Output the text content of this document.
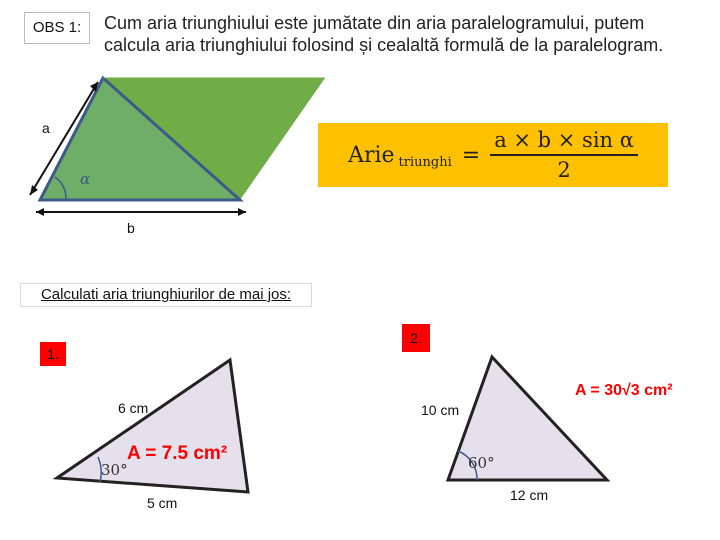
OBS 1:	Cum aria triunghiului este jumătate din aria paralelogramului, putem calcula aria triunghiului folosind și cealaltă formulă de la paralelogram.
a
b
α
Arie triunghi = $\frac{\text{a × b × sin α}}{2}$
Calculati aria triunghiurilor de mai jos:
1.
6 cm
5 cm
30°
A = 7.5 cm²
2.
10 cm
12 cm
60°
A = 30√3 cm²
